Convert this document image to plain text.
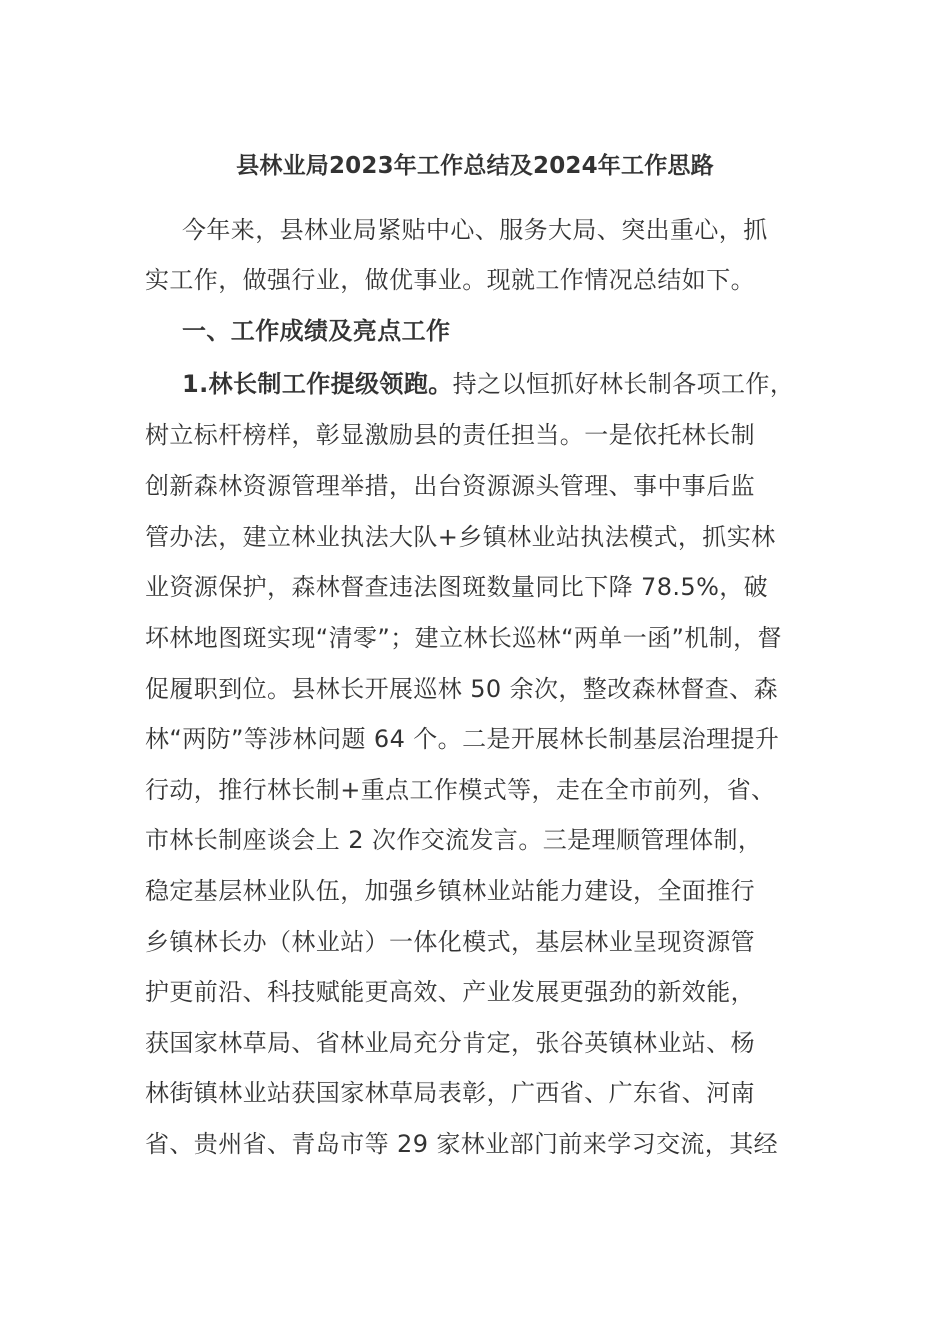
县林业局2023年工作总结及2024年工作思路
今年来，县林业局紧贴中心、服务大局、突出重心，抓
实工作，做强行业，做优事业。现就工作情况总结如下。
一、工作成绩及亮点工作
1.林长制工作提级领跑。持之以恒抓好林长制各项工作，
树立标杆榜样，彰显激励县的责任担当。一是依托林长制
创新森林资源管理举措，出台资源源头管理、事中事后监
管办法，建立林业执法大队+乡镇林业站执法模式，抓实林
业资源保护，森林督查违法图斑数量同比下降 78.5%，破
坏林地图斑实现“清零”；建立林长巡林“两单一函”机制，督
促履职到位。县林长开展巡林 50 余次，整改森林督查、森
林“两防”等涉林问题 64 个。二是开展林长制基层治理提升
行动，推行林长制+重点工作模式等，走在全市前列，省、
市林长制座谈会上 2 次作交流发言。三是理顺管理体制，
稳定基层林业队伍，加强乡镇林业站能力建设，全面推行
乡镇林长办（林业站）一体化模式，基层林业呈现资源管
护更前沿、科技赋能更高效、产业发展更强劲的新效能，
获国家林草局、省林业局充分肯定，张谷英镇林业站、杨
林街镇林业站获国家林草局表彰，广西省、广东省、河南
省、贵州省、青岛市等 29 家林业部门前来学习交流，其经
